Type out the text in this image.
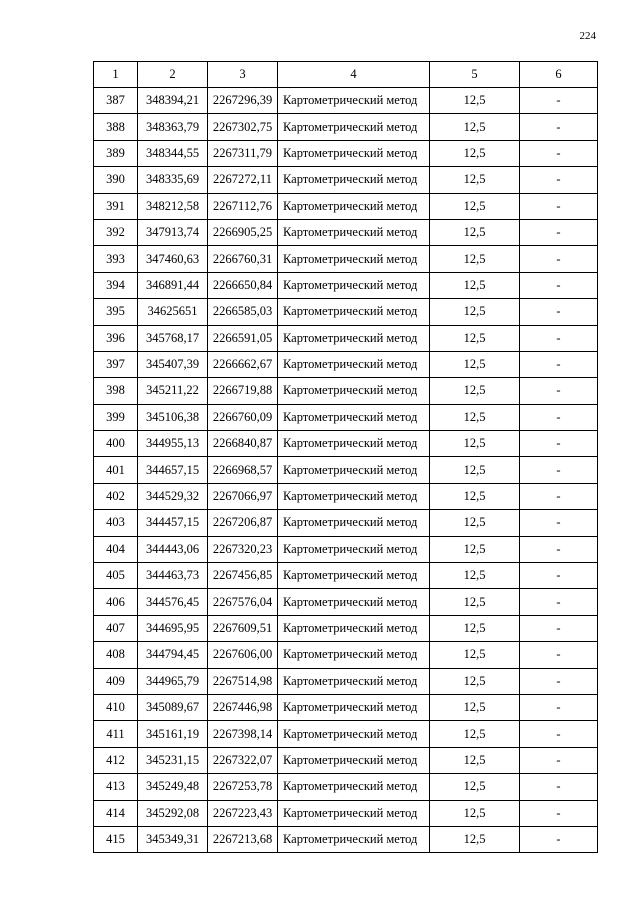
224
1	2	3	4	5	6
387	348394,21	2267296,39	Картометрический метод	12,5	-
388	348363,79	2267302,75	Картометрический метод	12,5	-
389	348344,55	2267311,79	Картометрический метод	12,5	-
390	348335,69	2267272,11	Картометрический метод	12,5	-
391	348212,58	2267112,76	Картометрический метод	12,5	-
392	347913,74	2266905,25	Картометрический метод	12,5	-
393	347460,63	2266760,31	Картометрический метод	12,5	-
394	346891,44	2266650,84	Картометрический метод	12,5	-
395	34625651	2266585,03	Картометрический метод	12,5	-
396	345768,17	2266591,05	Картометрический метод	12,5	-
397	345407,39	2266662,67	Картометрический метод	12,5	-
398	345211,22	2266719,88	Картометрический метод	12,5	-
399	345106,38	2266760,09	Картометрический метод	12,5	-
400	344955,13	2266840,87	Картометрический метод	12,5	-
401	344657,15	2266968,57	Картометрический метод	12,5	-
402	344529,32	2267066,97	Картометрический метод	12,5	-
403	344457,15	2267206,87	Картометрический метод	12,5	-
404	344443,06	2267320,23	Картометрический метод	12,5	-
405	344463,73	2267456,85	Картометрический метод	12,5	-
406	344576,45	2267576,04	Картометрический метод	12,5	-
407	344695,95	2267609,51	Картометрический метод	12,5	-
408	344794,45	2267606,00	Картометрический метод	12,5	-
409	344965,79	2267514,98	Картометрический метод	12,5	-
410	345089,67	2267446,98	Картометрический метод	12,5	-
411	345161,19	2267398,14	Картометрический метод	12,5	-
412	345231,15	2267322,07	Картометрический метод	12,5	-
413	345249,48	2267253,78	Картометрический метод	12,5	-
414	345292,08	2267223,43	Картометрический метод	12,5	-
415	345349,31	2267213,68	Картометрический метод	12,5	-
